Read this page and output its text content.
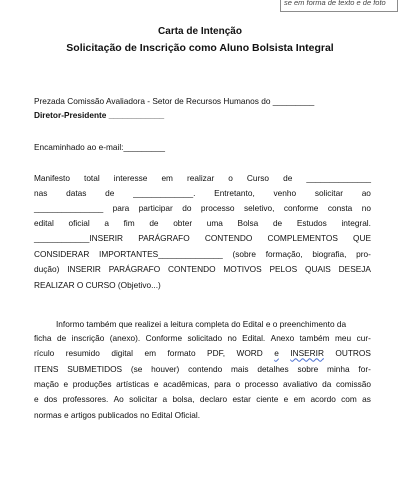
se em forma de texto e de foto
Carta de Intenção
Solicitação de Inscrição como Aluno Bolsista Integral
Prezada Comissão Avaliadora - Setor de Recursos Humanos do _________
Diretor-Presidente ____________
Encaminhado ao e-mail:_________
Manifesto total interesse em realizar o Curso de ______________
nas datas de _____________. Entretanto, venho solicitar ao
_______________ para participar do processo seletivo, conforme consta no
edital oficial a fim de obter uma Bolsa de Estudos integral.
____________INSERIR PARÁGRAFO CONTENDO COMPLEMENTOS QUE
CONSIDERAR IMPORTANTES______________ (sobre formação, biografia, pro-
dução) INSERIR PARÁGRAFO CONTENDO MOTIVOS PELOS QUAIS DESEJA
REALIZAR O CURSO (Objetivo...)
Informo também que realizei a leitura completa do Edital e o preenchimento da
ficha de inscrição (anexo). Conforme solicitado no Edital. Anexo também meu cur-
rículo resumido digital em formato PDF, WORD e INSERIR OUTROS
ITENS SUBMETIDOS (se houver) contendo mais detalhes sobre minha for-
mação e produções artísticas e acadêmicas, para o processo avaliativo da comissão
e dos professores. Ao solicitar a bolsa, declaro estar ciente e em acordo com as
normas e artigos publicados no Edital Oficial.
